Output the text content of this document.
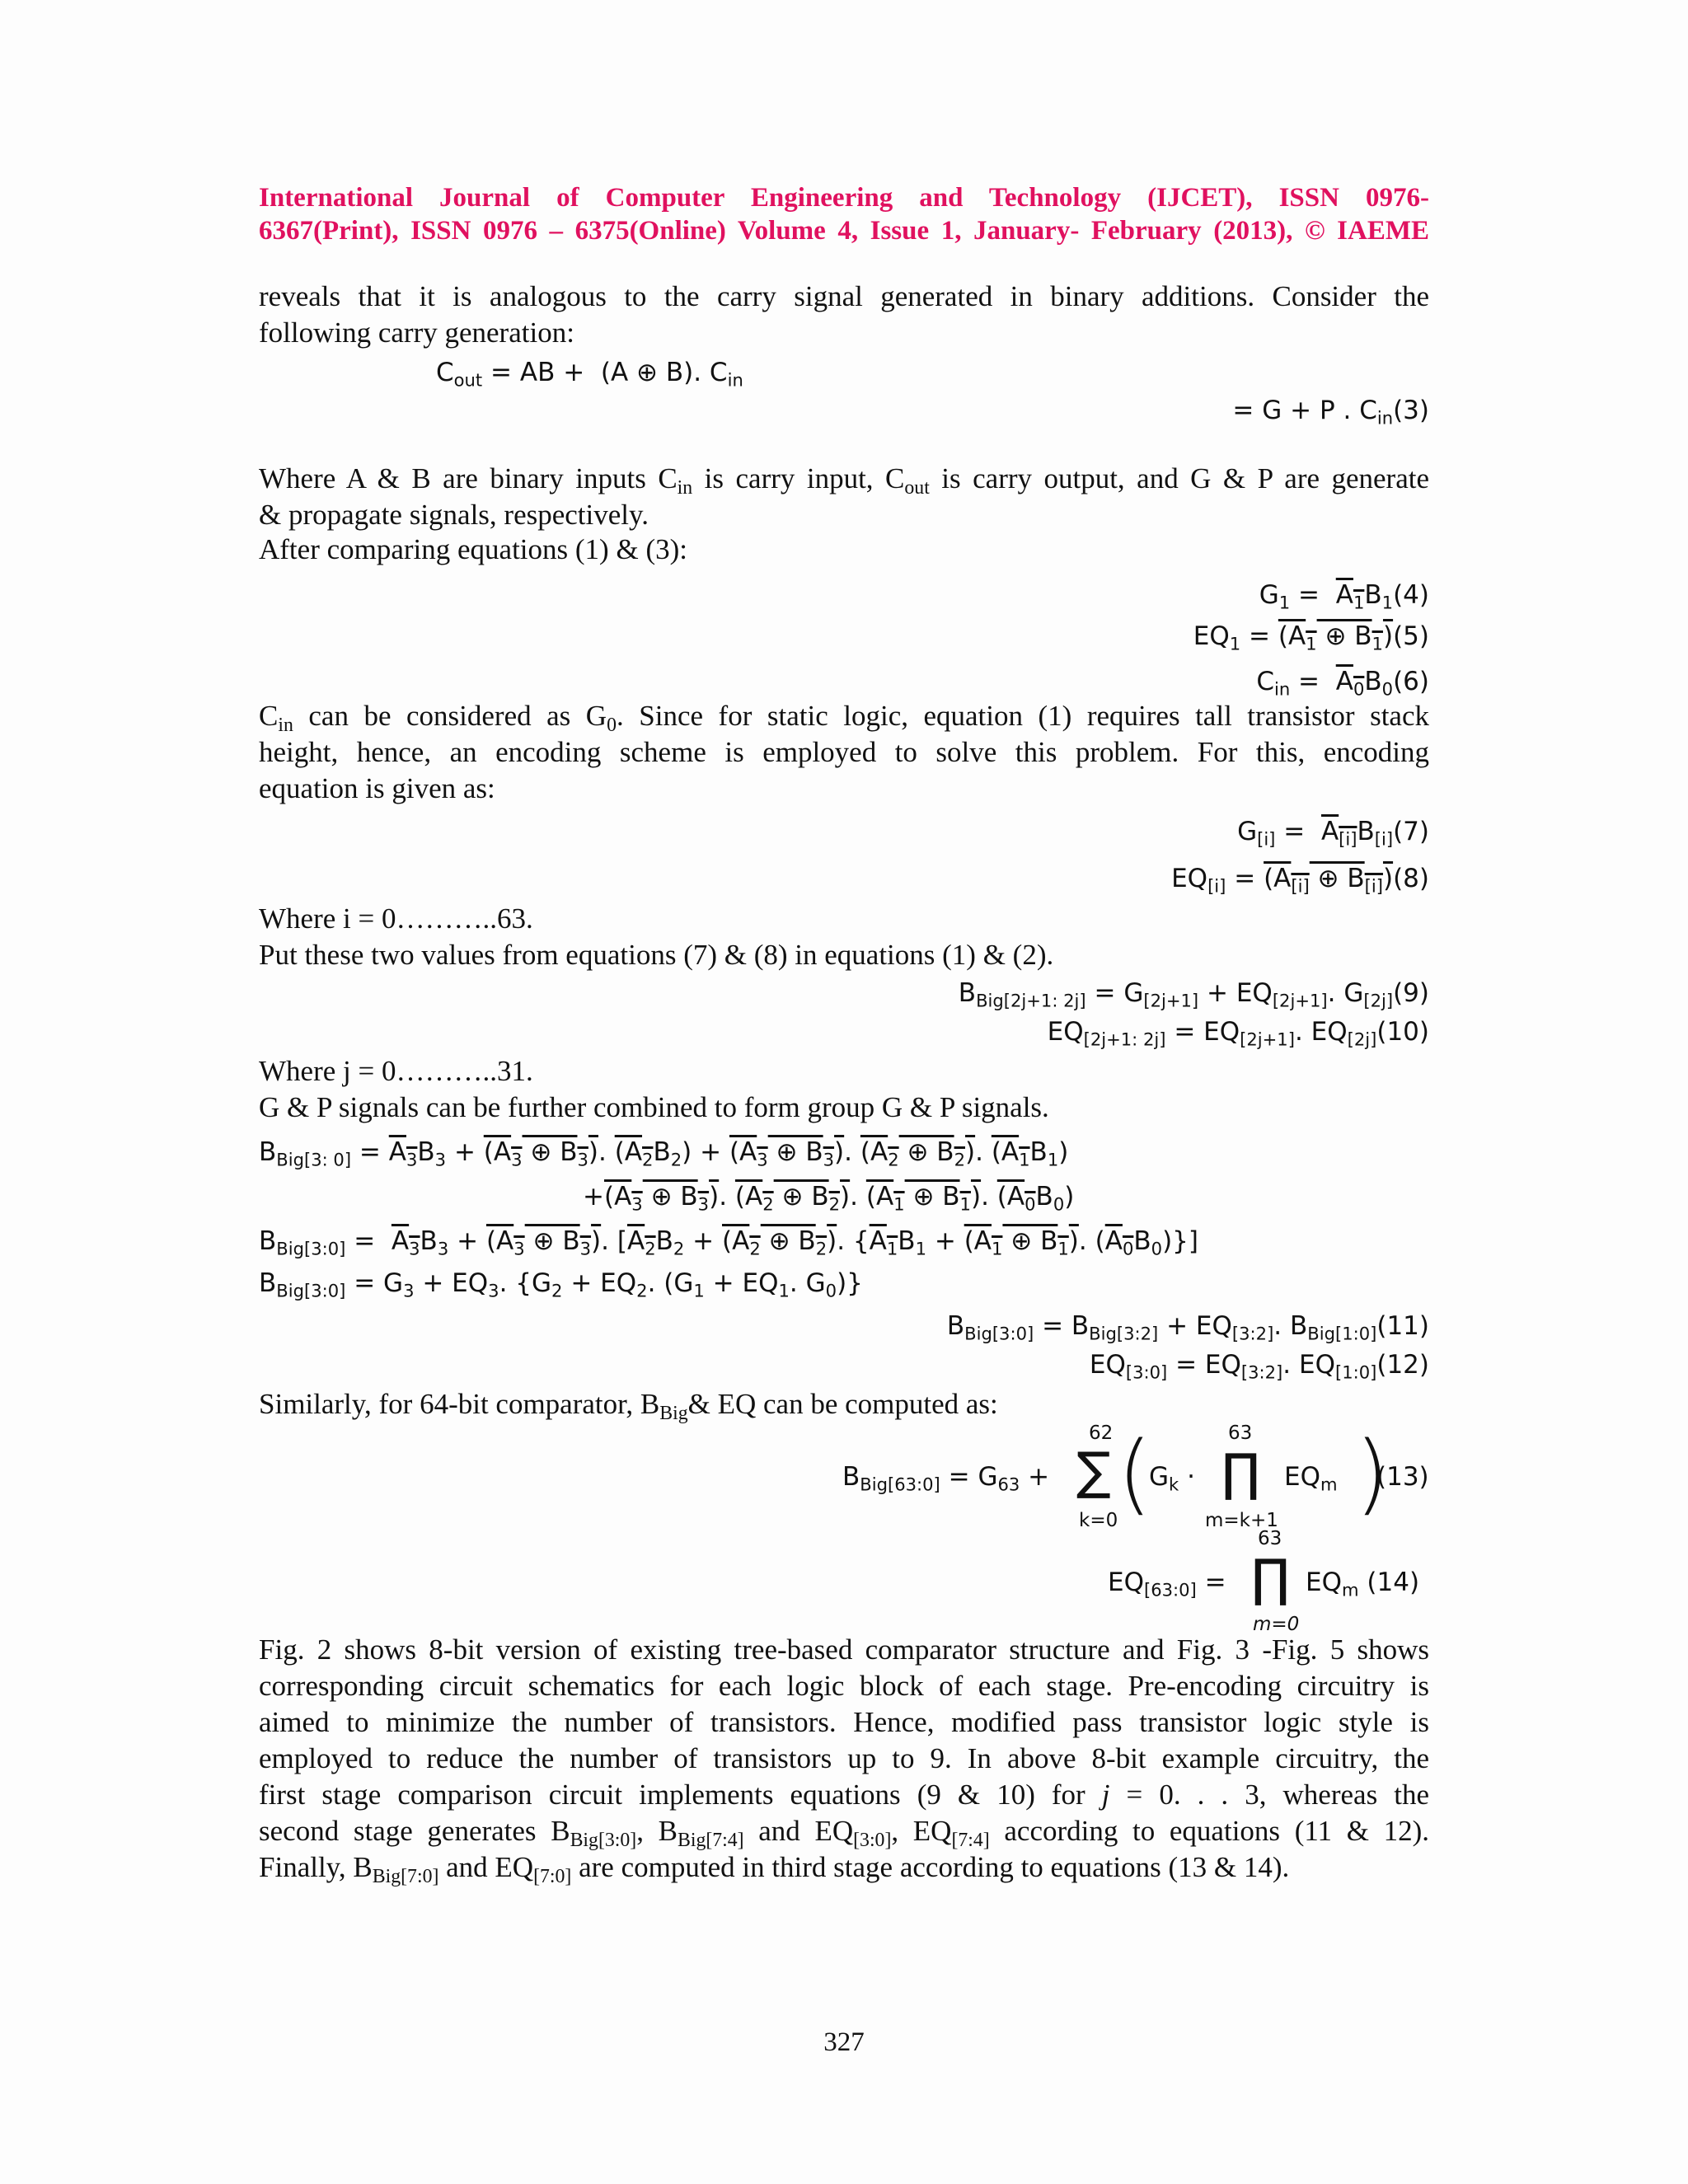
International Journal of Computer Engineering and Technology (IJCET), ISSN 0976-
6367(Print), ISSN 0976 – 6375(Online) Volume 4, Issue 1, January- February (2013), © IAEME
reveals that it is analogous to the carry signal generated in binary additions. Consider the
following carry generation:
$C_{out}$ = AB +  (A ⊕ B). $C_{in}$
= G + P . $C_{in}(3)$
Where A & B are binary inputs $C_{in}$ is carry input, $C_{out}$ is carry output, and G & P are generate
& propagate signals, respectively.
After comparing equations (1) & (3):
$G_1 = A_1B_1(4)$
$EQ_1 = (A_1$ ⊕ $B_1)(5)$
$C_{in} = A_0B_0(6)$
$C_{in}$ can be considered as $G_0$. Since for static logic, equation (1) requires tall transistor stack
height, hence, an encoding scheme is employed to solve this problem. For this, encoding
equation is given as:
$G_{[i]} = A_{[i]}B_{[i]}(7)$
$EQ_{[i]} = (A_{[i]}$ ⊕ $B_{[i]})(8)$
Where i = 0………..63.
Put these two values from equations (7) & (8) in equations (1) & (2).
$B_{Big[2j+1: 2j]} = G_{[2j+1]} + EQ_{[2j+1]}$. $G_{[2j]}(9)$
$EQ_{[2j+1: 2j]} = EQ_{[2j+1]}$. $EQ_{[2j]}(10)$
Where j = 0………..31.
G & P signals can be further combined to form group G & P signals.
$B_{Big[3: 0]} = A_3B_3 + (A_3$ ⊕ $B_3$). $(A_2B_2) + (A_3$ ⊕ $B_3$). ($A_2$ ⊕ $B_2$). $(A_1B_1)$
$+(A_3$ ⊕ $B_3$). ($A_2$ ⊕ $B_2$). ($A_1$ ⊕ $B_1$). $(A_0B_0)$
$B_{Big[3:0]} = A_3B_3 + (A_3$ ⊕ $B_3$). [$A_2B_2 + (A_2$ ⊕ $B_2$). {$A_1B_1 + (A_1$ ⊕ $B_1$). $(A_0B_0)$}]
$B_{Big[3:0]} = G_3 + EQ_3$. {$G_2 + EQ_2$. ($G_1 + EQ_1$. $G_0$)}
$B_{Big[3:0]} = B_{Big[3:2]} + EQ_{[3:2]}$. $B_{Big[1:0]}(11)$
$EQ_{[3:0]} = EQ_{[3:2]}$. $EQ_{[1:0]}(12)$
Similarly, for 64-bit comparator, $B_{Big}\&$ EQ can be computed as:
$B_{Big[63:0]} = G_{63}$ +
62
∑
k=0 (
$G_k$ ·
63
∏
m=k+1
$EQ_m$ )
(13)
$EQ_{[63:0]}$ =
63
∏
m=0
$EQ_m$ (14)
Fig. 2 shows 8-bit version of existing tree-based comparator structure and Fig. 3 -Fig. 5 shows
corresponding circuit schematics for each logic block of each stage. Pre-encoding circuitry is
aimed to minimize the number of transistors. Hence, modified pass transistor logic style is
employed to reduce the number of transistors up to 9. In above 8-bit example circuitry, the
first stage comparison circuit implements equations (9 & 10) for j = 0. . . 3, whereas the
second stage generates $B_{Big[3:0]}$, $B_{Big[7:4]}$ and $EQ_{[3:0]}$, $EQ_{[7:4]}$ according to equations (11 & 12).
Finally, $B_{Big[7:0]}$ and $EQ_{[7:0]}$ are computed in third stage according to equations (13 & 14).
327
